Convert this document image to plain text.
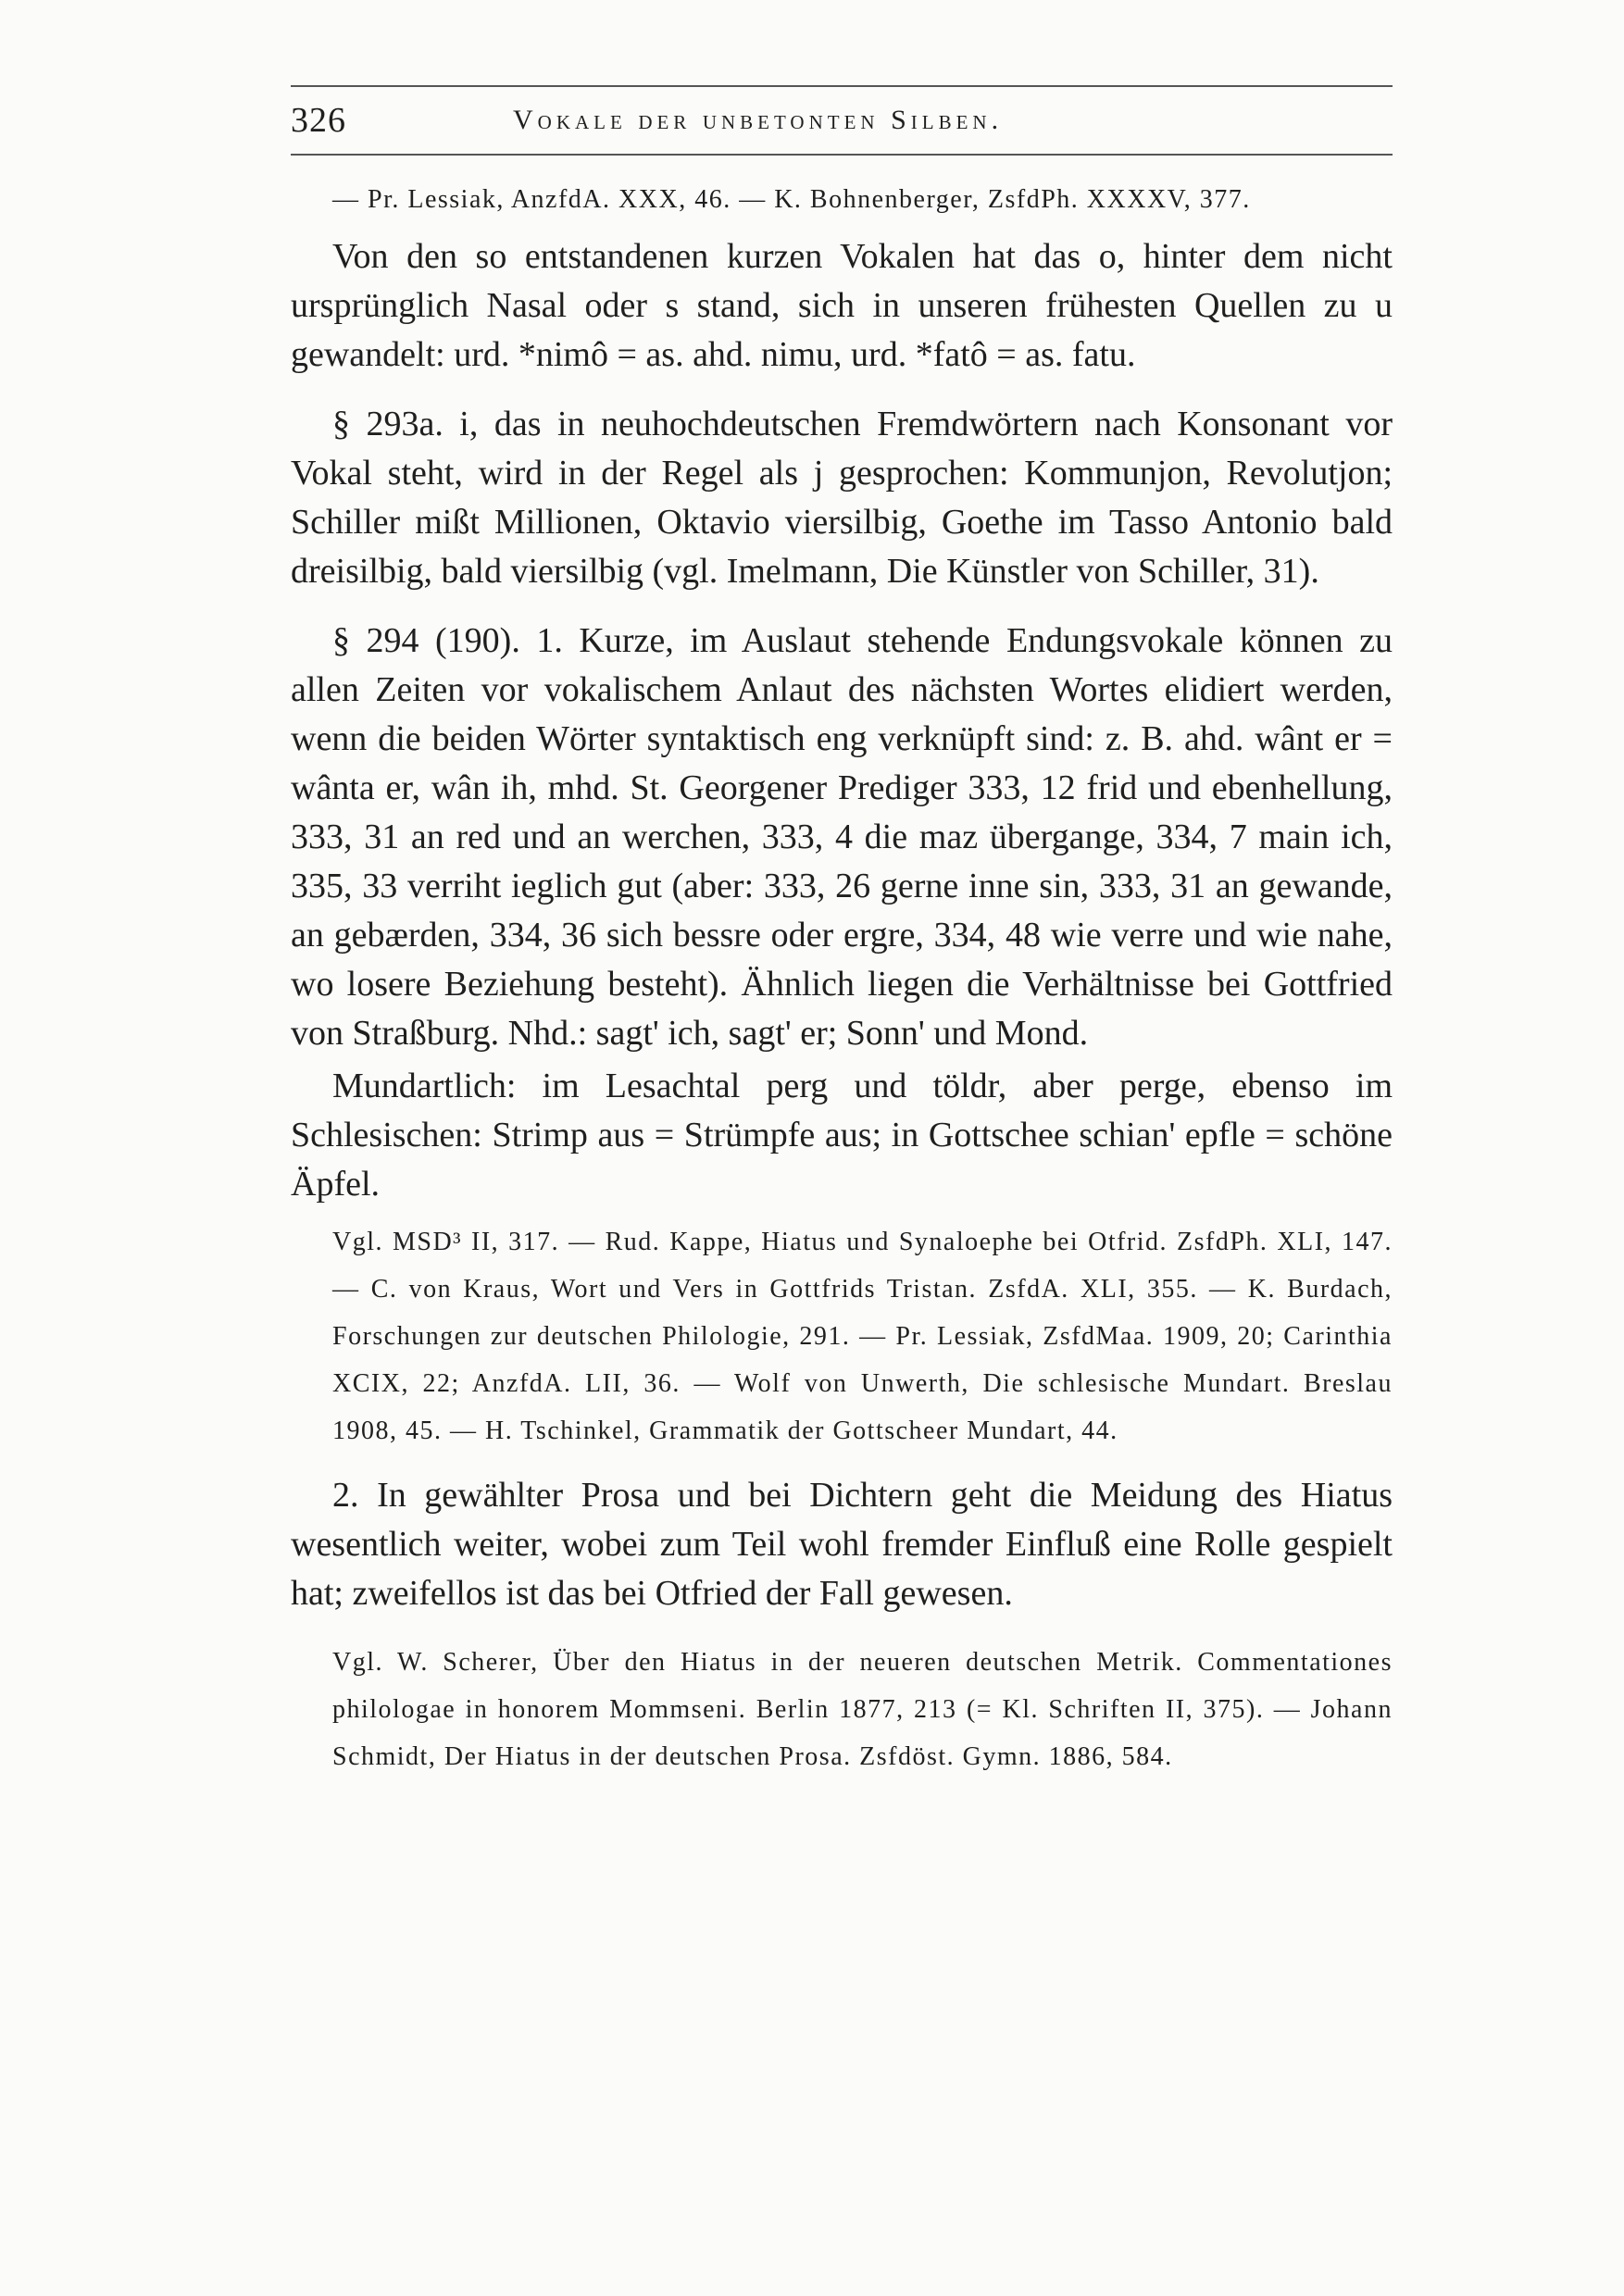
326	Vokale der unbetonten Silben.
— Pr. Lessiak, AnzfdA. XXX, 46. — K. Bohnenberger, ZsfdPh. XXXXV, 377.

Von den so entstandenen kurzen Vokalen hat das o, hinter dem nicht ursprünglich Nasal oder s stand, sich in unseren frühesten Quellen zu u gewandelt: urd. *nimô = as. ahd. nimu, urd. *fatô = as. fatu.

§ 293a. i, das in neuhochdeutschen Fremdwörtern nach Konsonant vor Vokal steht, wird in der Regel als j gesprochen: Kommunjon, Revolutjon; Schiller mißt Millionen, Oktavio viersilbig, Goethe im Tasso Antonio bald dreisilbig, bald viersilbig (vgl. Imelmann, Die Künstler von Schiller, 31).

§ 294 (190). 1. Kurze, im Auslaut stehende Endungsvokale können zu allen Zeiten vor vokalischem Anlaut des nächsten Wortes elidiert werden, wenn die beiden Wörter syntaktisch eng verknüpft sind: z. B. ahd. wânt er = wânta er, wân ih, mhd. St. Georgener Prediger 333, 12 frid und ebenhellung, 333, 31 an red und an werchen, 333, 4 die maz übergange, 334, 7 main ich, 335, 33 verriht ieglich gut (aber: 333, 26 gerne inne sin, 333, 31 an gewande, an gebærden, 334, 36 sich bessre oder ergre, 334, 48 wie verre und wie nahe, wo losere Beziehung besteht). Ähnlich liegen die Verhältnisse bei Gottfried von Straßburg. Nhd.: sagt' ich, sagt' er; Sonn' und Mond.

Mundartlich: im Lesachtal perg und töldr, aber perge, ebenso im Schlesischen: Strimp aus = Strümpfe aus; in Gottschee schian' epfle = schöne Äpfel.

Vgl. MSD³ II, 317. — Rud. Kappe, Hiatus und Synaloephe bei Otfrid. ZsfdPh. XLI, 147. — C. von Kraus, Wort und Vers in Gottfrids Tristan. ZsfdA. XLI, 355. — K. Burdach, Forschungen zur deutschen Philologie, 291. — Pr. Lessiak, ZsfdMaa. 1909, 20; Carinthia XCIX, 22; AnzfdA. LII, 36. — Wolf von Unwerth, Die schlesische Mundart. Breslau 1908, 45. — H. Tschinkel, Grammatik der Gottscheer Mundart, 44.

2. In gewählter Prosa und bei Dichtern geht die Meidung des Hiatus wesentlich weiter, wobei zum Teil wohl fremder Einfluß eine Rolle gespielt hat; zweifellos ist das bei Otfried der Fall gewesen.

Vgl. W. Scherer, Über den Hiatus in der neueren deutschen Metrik. Commentationes philologae in honorem Mommseni. Berlin 1877, 213 (= Kl. Schriften II, 375). — Johann Schmidt, Der Hiatus in der deutschen Prosa. Zsfdöst. Gymn. 1886, 584.
